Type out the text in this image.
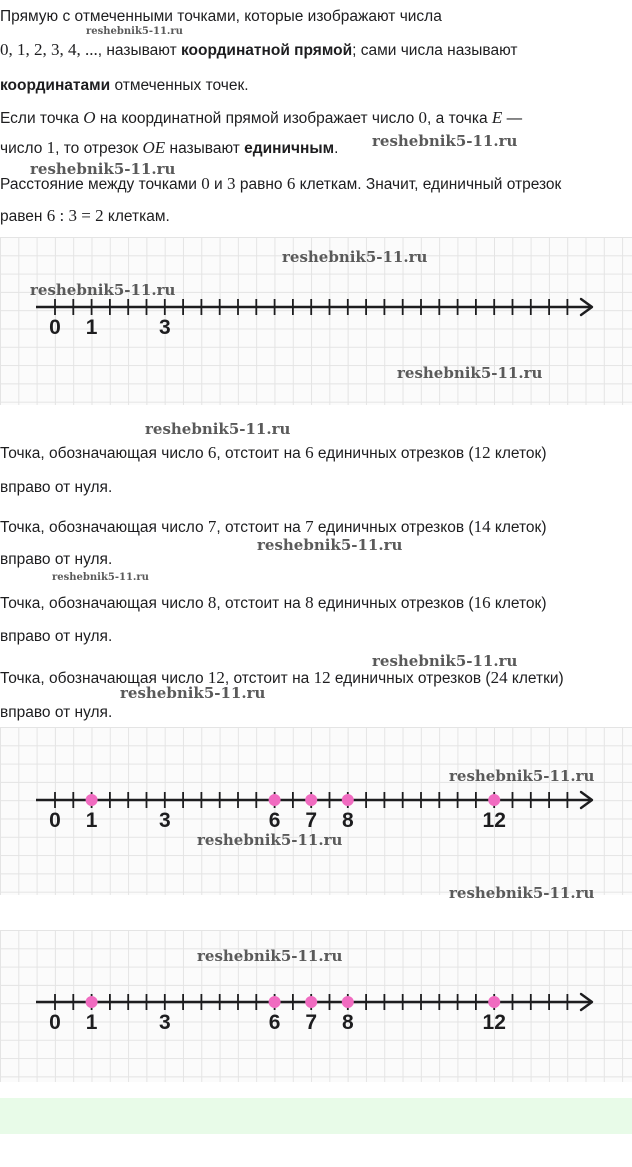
Прямую с отмеченными точками, которые изображают числа

0, 1, 2, 3, 4, ..., называют координатной прямой; сами числа называют

координатами отмеченных точек.

Если точка O на координатной прямой изображает число 0, а точка E —

число 1, то отрезок OE называют единичным.

Расстояние между точками 0 и 3 равно 6 клеткам. Значит, единичный отрезок

равен 6 : 3 = 2 клеткам.

0 1	3

Точка, обозначающая число 6, отстоит на 6 единичных отрезков (12 клеток)

вправо от нуля.

Точка, обозначающая число 7, отстоит на 7 единичных отрезков (14 клеток)

вправо от нуля.

Точка, обозначающая число 8, отстоит на 8 единичных отрезков (16 клеток)

вправо от нуля.

Точка, обозначающая число 12, отстоит на 12 единичных отрезков (24 клетки)

вправо от нуля.

0 1	3	6 7 8	12
0 1	3	6 7 8	12
reshebnik5-11.ru
reshebnik5-11.ru
reshebnik5-11.ru
reshebnik5-11.ru
reshebnik5-11.ru
reshebnik5-11.ru
reshebnik5-11.ru
reshebnik5-11.ru
reshebnik5-11.ru
reshebnik5-11.ru
reshebnik5-11.ru
reshebnik5-11.ru
reshebnik5-11.ru
reshebnik5-11.ru
reshebnik5-11.ru
